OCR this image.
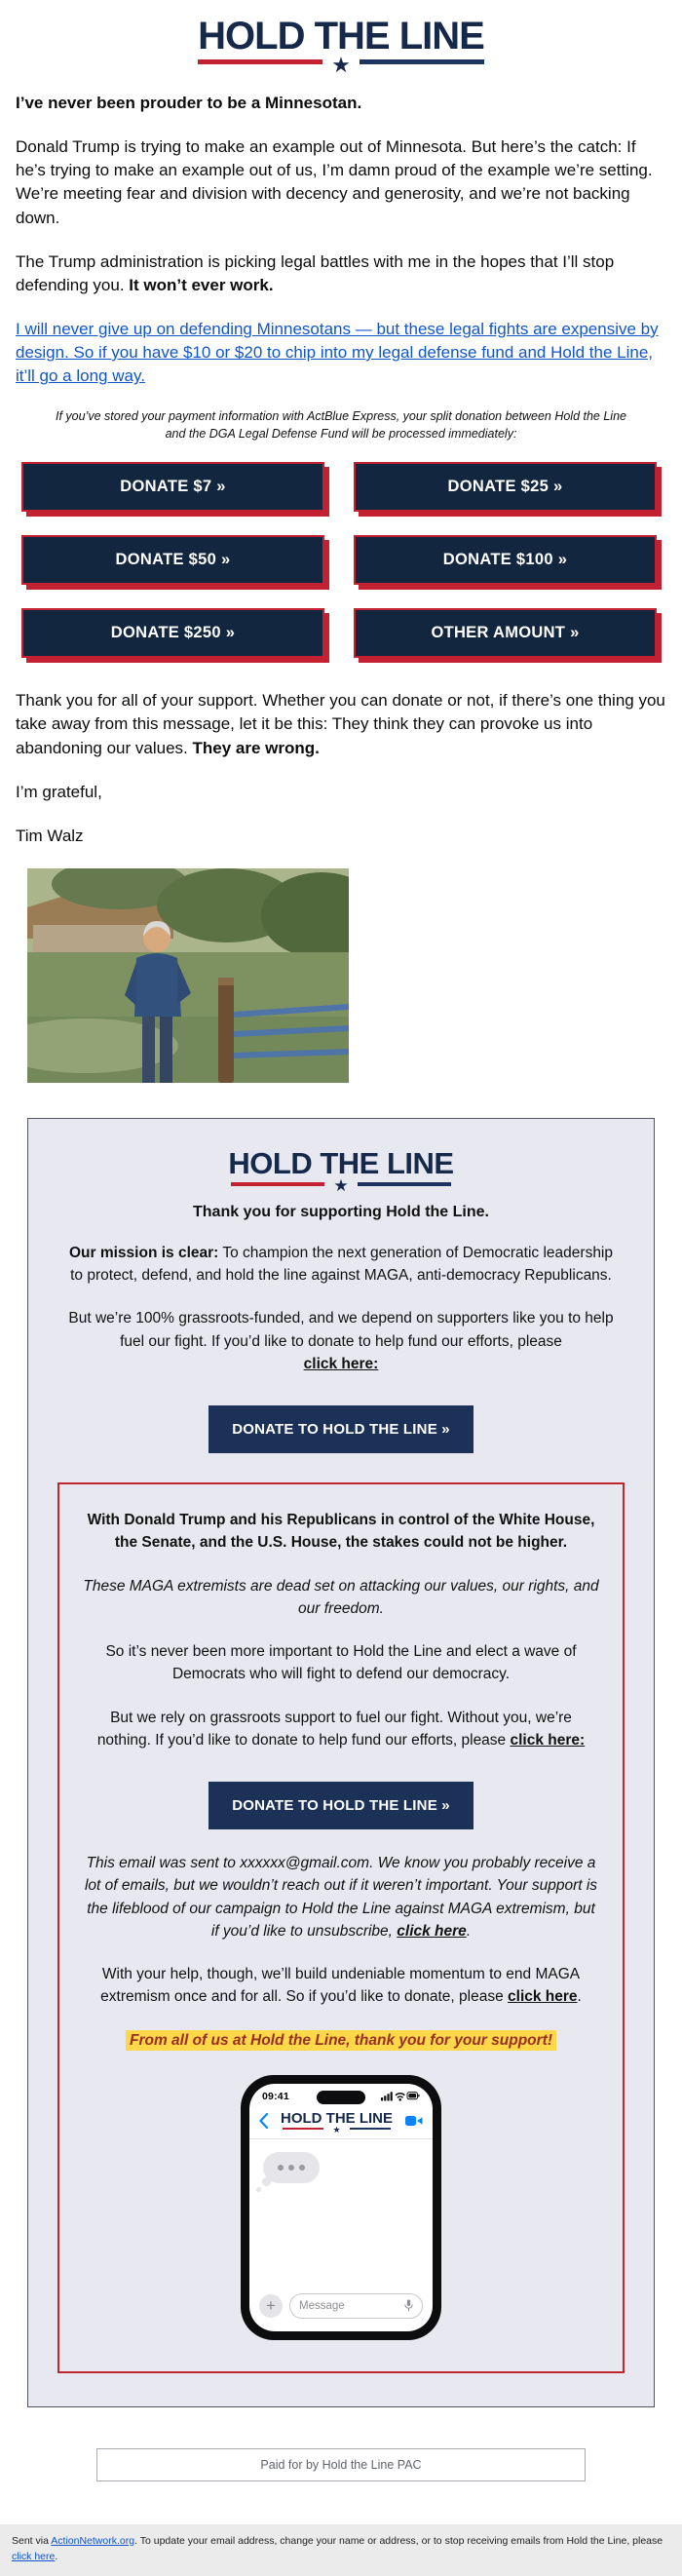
HOLD THE LINE
★

I’ve never been prouder to be a Minnesotan.

Donald Trump is trying to make an example out of Minnesota. But here’s the catch: If he’s trying to make an example out of us, I’m damn proud of the example we’re setting. We’re meeting fear and division with decency and generosity, and we’re not backing down.

The Trump administration is picking legal battles with me in the hopes that I’ll stop defending you. It won’t ever work.

I will never give up on defending Minnesotans — but these legal fights are expensive by design. So if you have $10 or $20 to chip into my legal defense fund and Hold the Line, it’ll go a long way.

If you’ve stored your payment information with ActBlue Express, your split donation between Hold the Line and the DGA Legal Defense Fund will be processed immediately:

DONATE $7 »	DONATE $25 »
DONATE $50 »	DONATE $100 »
DONATE $250 »	OTHER AMOUNT »

Thank you for all of your support. Whether you can donate or not, if there’s one thing you take away from this message, let it be this: They think they can provoke us into abandoning our values. They are wrong.

I’m grateful,

Tim Walz

HOLD THE LINE
★
Thank you for supporting Hold the Line.

Our mission is clear: To champion the next generation of Democratic leadership to protect, defend, and hold the line against MAGA, anti-democracy Republicans.

But we’re 100% grassroots-funded, and we depend on supporters like you to help fuel our fight. If you’d like to donate to help fund our efforts, please
click here:

DONATE TO HOLD THE LINE »

With Donald Trump and his Republicans in control of the White House, the Senate, and the U.S. House, the stakes could not be higher.

These MAGA extremists are dead set on attacking our values, our rights, and our freedom.

So it’s never been more important to Hold the Line and elect a wave of Democrats who will fight to defend our democracy.

But we rely on grassroots support to fuel our fight. Without you, we’re nothing. If you’d like to donate to help fund our efforts, please click here:

DONATE TO HOLD THE LINE »

This email was sent to xxxxxx@gmail.com. We know you probably receive a lot of emails, but we wouldn’t reach out if it weren’t important. Your support is the lifeblood of our campaign to Hold the Line against MAGA extremism, but if you’d like to unsubscribe, click here.

With your help, though, we’ll build undeniable momentum to end MAGA extremism once and for all. So if you’d like to donate, please click here.

From all of us at Hold the Line, thank you for your support!
09:41
HOLD THE LINE
★
+	Message
Paid for by Hold the Line PAC
Sent via ActionNetwork.org. To update your email address, change your name or address, or to stop receiving emails from Hold the Line, please click here.
